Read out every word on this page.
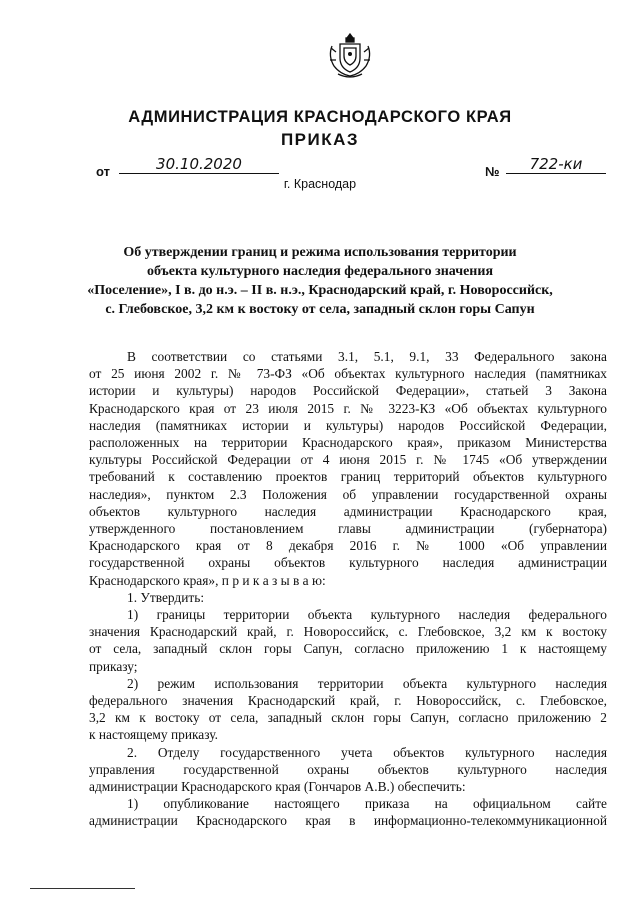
АДМИНИСТРАЦИЯ КРАСНОДАРСКОГО КРАЯ
ПРИКАЗ
от	30.10.2020	№	722-ки
г. Краснодар
Об утверждении границ и режима использования территории
объекта культурного наследия федерального значения
«Поселение», I в. до н.э. – II в. н.э., Краснодарский край, г. Новороссийск,
с. Глебовское, 3,2 км к востоку от села, западный склон горы Сапун
В соответствии со статьями 3.1, 5.1, 9.1, 33 Федерального закона
от 25 июня 2002 г. № 73-ФЗ «Об объектах культурного наследия (памятниках
истории и культуры) народов Российской Федерации», статьей 3 Закона
Краснодарского края от 23 июля 2015 г. № 3223-КЗ «Об объектах культурного
наследия (памятниках истории и культуры) народов Российской Федерации,
расположенных на территории Краснодарского края», приказом Министерства
культуры Российской Федерации от 4 июня 2015 г. № 1745 «Об утверждении
требований к составлению проектов границ территорий объектов культурного
наследия», пунктом 2.3 Положения об управлении государственной охраны
объектов культурного наследия администрации Краснодарского края,
утвержденного постановлением главы администрации (губернатора)
Краснодарского края от 8 декабря 2016 г. № 1000 «Об управлении
государственной охраны объектов культурного наследия администрации
Краснодарского края», п р и к а з ы в а ю:
1. Утвердить:
1) границы территории объекта культурного наследия федерального
значения Краснодарский край, г. Новороссийск, с. Глебовское, 3,2 км к востоку
от села, западный склон горы Сапун, согласно приложению 1 к настоящему
приказу;
2) режим использования территории объекта культурного наследия
федерального значения Краснодарский край, г. Новороссийск, с. Глебовское,
3,2 км к востоку от села, западный склон горы Сапун, согласно приложению 2
к настоящему приказу.
2. Отделу государственного учета объектов культурного наследия
управления государственной охраны объектов культурного наследия
администрации Краснодарского края (Гончаров А.В.) обеспечить:
1) опубликование настоящего приказа на официальном сайте
администрации Краснодарского края в информационно-телекоммуникационной
